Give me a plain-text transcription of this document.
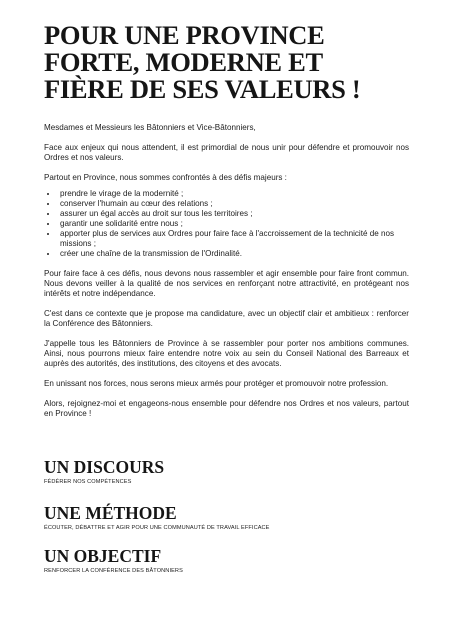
POUR UNE PROVINCE
FORTE, MODERNE ET
FIÈRE DE SES VALEURS !

Mesdames et Messieurs les Bâtonniers et Vice-Bâtonniers,

Face aux enjeux qui nous attendent, il est primordial de nous unir pour défendre et promouvoir nos Ordres et nos valeurs.

Partout en Province, nous sommes confrontés à des défis majeurs :

• prendre le virage de la modernité ;
• conserver l'humain au cœur des relations ;
• assurer un égal accès au droit sur tous les territoires ;
• garantir une solidarité entre nous ;
• apporter plus de services aux Ordres pour faire face à l'accroissement de la technicité de nos missions ;
• créer une chaîne de la transmission de l'Ordinalité.

Pour faire face à ces défis, nous devons nous rassembler et agir ensemble pour faire front commun. Nous devons veiller à la qualité de nos services en renforçant notre attractivité, en protégeant nos intérêts et notre indépendance.

C'est dans ce contexte que je propose ma candidature, avec un objectif clair et ambitieux : renforcer la Conférence des Bâtonniers.

J'appelle tous les Bâtonniers de Province à se rassembler pour porter nos ambitions communes. Ainsi, nous pourrons mieux faire entendre notre voix au sein du Conseil National des Barreaux et auprès des autorités, des institutions, des citoyens et des avocats.

En unissant nos forces, nous serons mieux armés pour protéger et promouvoir notre profession.

Alors, rejoignez-moi et engageons-nous ensemble pour défendre nos Ordres et nos valeurs, partout en Province !

UN DISCOURS
FÉDÉRER NOS COMPÉTENCES
UNE MÉTHODE
ÉCOUTER, DÉBATTRE ET AGIR POUR UNE COMMUNAUTÉ DE TRAVAIL EFFICACE
UN OBJECTIF
RENFORCER LA CONFÉRENCE DES BÂTONNIERS
